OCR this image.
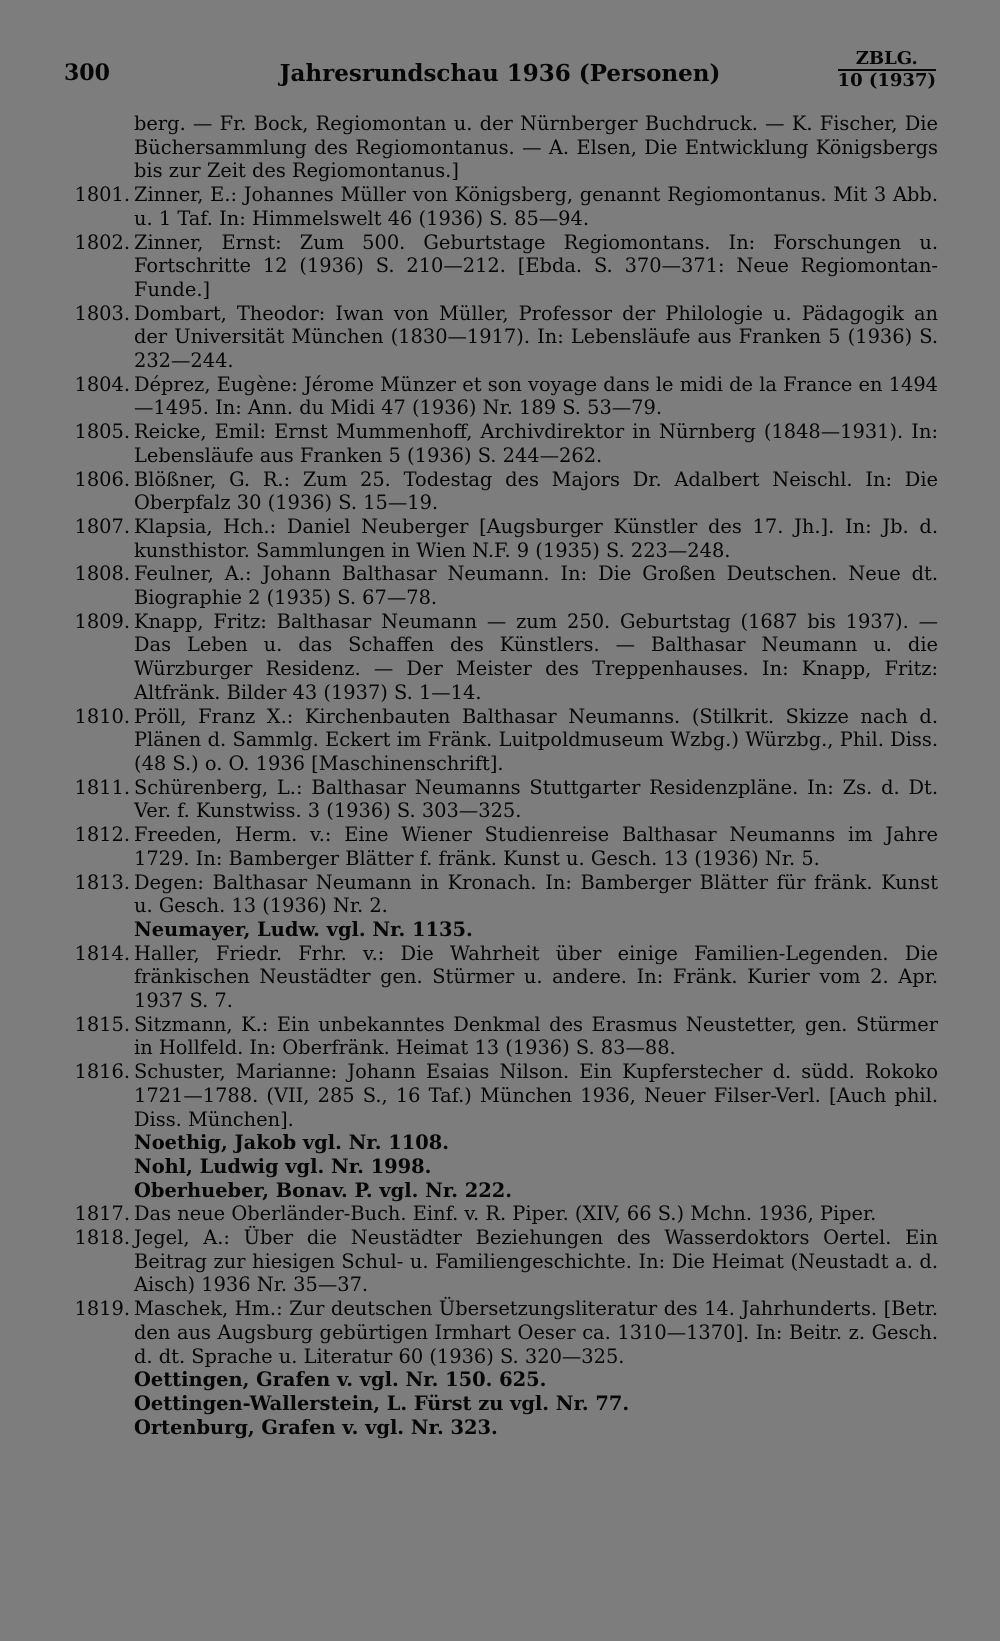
300	Jahresrundschau 1936 (Personen)
ZBLG.
10 (1937)
berg. — Fr. Bock, Regiomontan u. der Nürnberger Buchdruck. — K. Fischer, Die Büchersammlung des Regiomontanus. — A. Elsen, Die Entwicklung Königsbergs bis zur Zeit des Regiomontanus.]
1801. Zinner, E.: Johannes Müller von Königsberg, genannt Regiomontanus. Mit 3 Abb. u. 1 Taf. In: Himmelswelt 46 (1936) S. 85—94.
1802. Zinner, Ernst: Zum 500. Geburtstage Regiomontans. In: Forschungen u. Fortschritte 12 (1936) S. 210—212. [Ebda. S. 370—371: Neue Regiomontan-Funde.]
1803. Dombart, Theodor: Iwan von Müller, Professor der Philologie u. Pädagogik an der Universität München (1830—1917). In: Lebensläufe aus Franken 5 (1936) S. 232—244.
1804. Déprez, Eugène: Jérome Münzer et son voyage dans le midi de la France en 1494—1495. In: Ann. du Midi 47 (1936) Nr. 189 S. 53—79.
1805. Reicke, Emil: Ernst Mummenhoff, Archivdirektor in Nürnberg (1848—1931). In: Lebensläufe aus Franken 5 (1936) S. 244—262.
1806. Blößner, G. R.: Zum 25. Todestag des Majors Dr. Adalbert Neischl. In: Die Oberpfalz 30 (1936) S. 15—19.
1807. Klapsia, Hch.: Daniel Neuberger [Augsburger Künstler des 17. Jh.]. In: Jb. d. kunsthistor. Sammlungen in Wien N.F. 9 (1935) S. 223—248.
1808. Feulner, A.: Johann Balthasar Neumann. In: Die Großen Deutschen. Neue dt. Biographie 2 (1935) S. 67—78.
1809. Knapp, Fritz: Balthasar Neumann — zum 250. Geburtstag (1687 bis 1937). — Das Leben u. das Schaffen des Künstlers. — Balthasar Neumann u. die Würzburger Residenz. — Der Meister des Treppenhauses. In: Knapp, Fritz: Altfränk. Bilder 43 (1937) S. 1—14.
1810. Pröll, Franz X.: Kirchenbauten Balthasar Neumanns. (Stilkrit. Skizze nach d. Plänen d. Sammlg. Eckert im Fränk. Luitpoldmuseum Wzbg.) Würzbg., Phil. Diss. (48 S.) o. O. 1936 [Maschinenschrift].
1811. Schürenberg, L.: Balthasar Neumanns Stuttgarter Residenzpläne. In: Zs. d. Dt. Ver. f. Kunstwiss. 3 (1936) S. 303—325.
1812. Freeden, Herm. v.: Eine Wiener Studienreise Balthasar Neumanns im Jahre 1729. In: Bamberger Blätter f. fränk. Kunst u. Gesch. 13 (1936) Nr. 5.
1813. Degen: Balthasar Neumann in Kronach. In: Bamberger Blätter für fränk. Kunst u. Gesch. 13 (1936) Nr. 2.
Neumayer, Ludw. vgl. Nr. 1135.
1814. Haller, Friedr. Frhr. v.: Die Wahrheit über einige Familien-Legenden. Die fränkischen Neustädter gen. Stürmer u. andere. In: Fränk. Kurier vom 2. Apr. 1937 S. 7.
1815. Sitzmann, K.: Ein unbekanntes Denkmal des Erasmus Neustetter, gen. Stürmer in Hollfeld. In: Oberfränk. Heimat 13 (1936) S. 83—88.
1816. Schuster, Marianne: Johann Esaias Nilson. Ein Kupferstecher d. südd. Rokoko 1721—1788. (VII, 285 S., 16 Taf.) München 1936, Neuer Filser-Verl. [Auch phil. Diss. München].
Noethig, Jakob vgl. Nr. 1108.
Nohl, Ludwig vgl. Nr. 1998.
Oberhueber, Bonav. P. vgl. Nr. 222.
1817. Das neue Oberländer-Buch. Einf. v. R. Piper. (XIV, 66 S.) Mchn. 1936, Piper.
1818. Jegel, A.: Über die Neustädter Beziehungen des Wasserdoktors Oertel. Ein Beitrag zur hiesigen Schul- u. Familiengeschichte. In: Die Heimat (Neustadt a. d. Aisch) 1936 Nr. 35—37.
1819. Maschek, Hm.: Zur deutschen Übersetzungsliteratur des 14. Jahrhunderts. [Betr. den aus Augsburg gebürtigen Irmhart Oeser ca. 1310—1370]. In: Beitr. z. Gesch. d. dt. Sprache u. Literatur 60 (1936) S. 320—325.
Oettingen, Grafen v. vgl. Nr. 150. 625.
Oettingen-Wallerstein, L. Fürst zu vgl. Nr. 77.
Ortenburg, Grafen v. vgl. Nr. 323.
